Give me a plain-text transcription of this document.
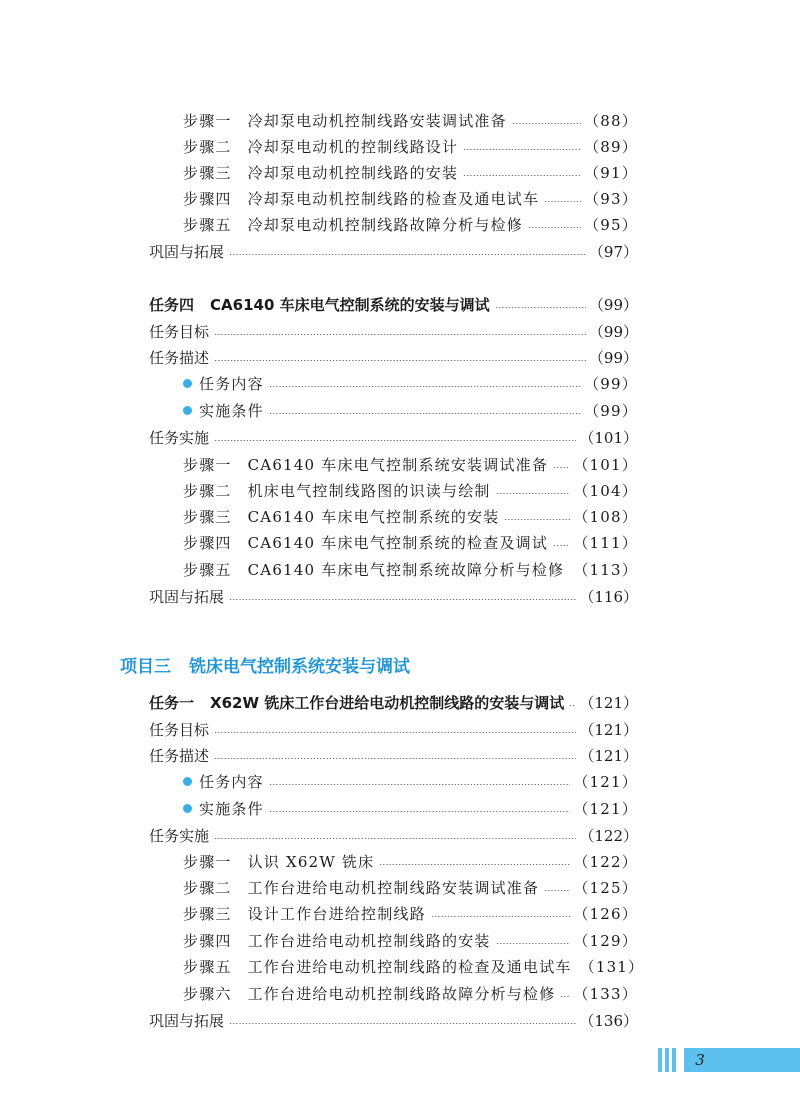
步骤一 冷却泵电动机控制线路安装调试准备	（88）
步骤二 冷却泵电动机的控制线路设计	（89）
步骤三 冷却泵电动机控制线路的安装	（91）
步骤四 冷却泵电动机控制线路的检查及通电试车	（93）
步骤五 冷却泵电动机控制线路故障分析与检修	（95）
巩固与拓展	（97）
任务四 CA6140 车床电气控制系统的安装与调试	（99）
任务目标	（99）
任务描述	（99）
任务内容	（99）
实施条件	（99）
任务实施	（101）
步骤一 CA6140 车床电气控制系统安装调试准备 （101）
步骤二 机床电气控制线路图的识读与绘制	（104）
步骤三 CA6140 车床电气控制系统的安装	（108）
步骤四 CA6140 车床电气控制系统的检查及调试 （111）
步骤五 CA6140 车床电气控制系统故障分析与检修 （113）
巩固与拓展	（116）
项目三 铣床电气控制系统安装与调试
任务一 X62W 铣床工作台进给电动机控制线路的安装与调试 （121）
任务目标	（121）
任务描述	（121）
任务内容	（121）
实施条件	（121）
任务实施	（122）
步骤一 认识 X62W 铣床	（122）
步骤二 工作台进给电动机控制线路安装调试准备 （125）
步骤三 设计工作台进给控制线路	（126）
步骤四 工作台进给电动机控制线路的安装	（129）
步骤五 工作台进给电动机控制线路的检查及通电试车 （131）
步骤六 工作台进给电动机控制线路故障分析与检修 （133）
巩固与拓展	（136）
3
